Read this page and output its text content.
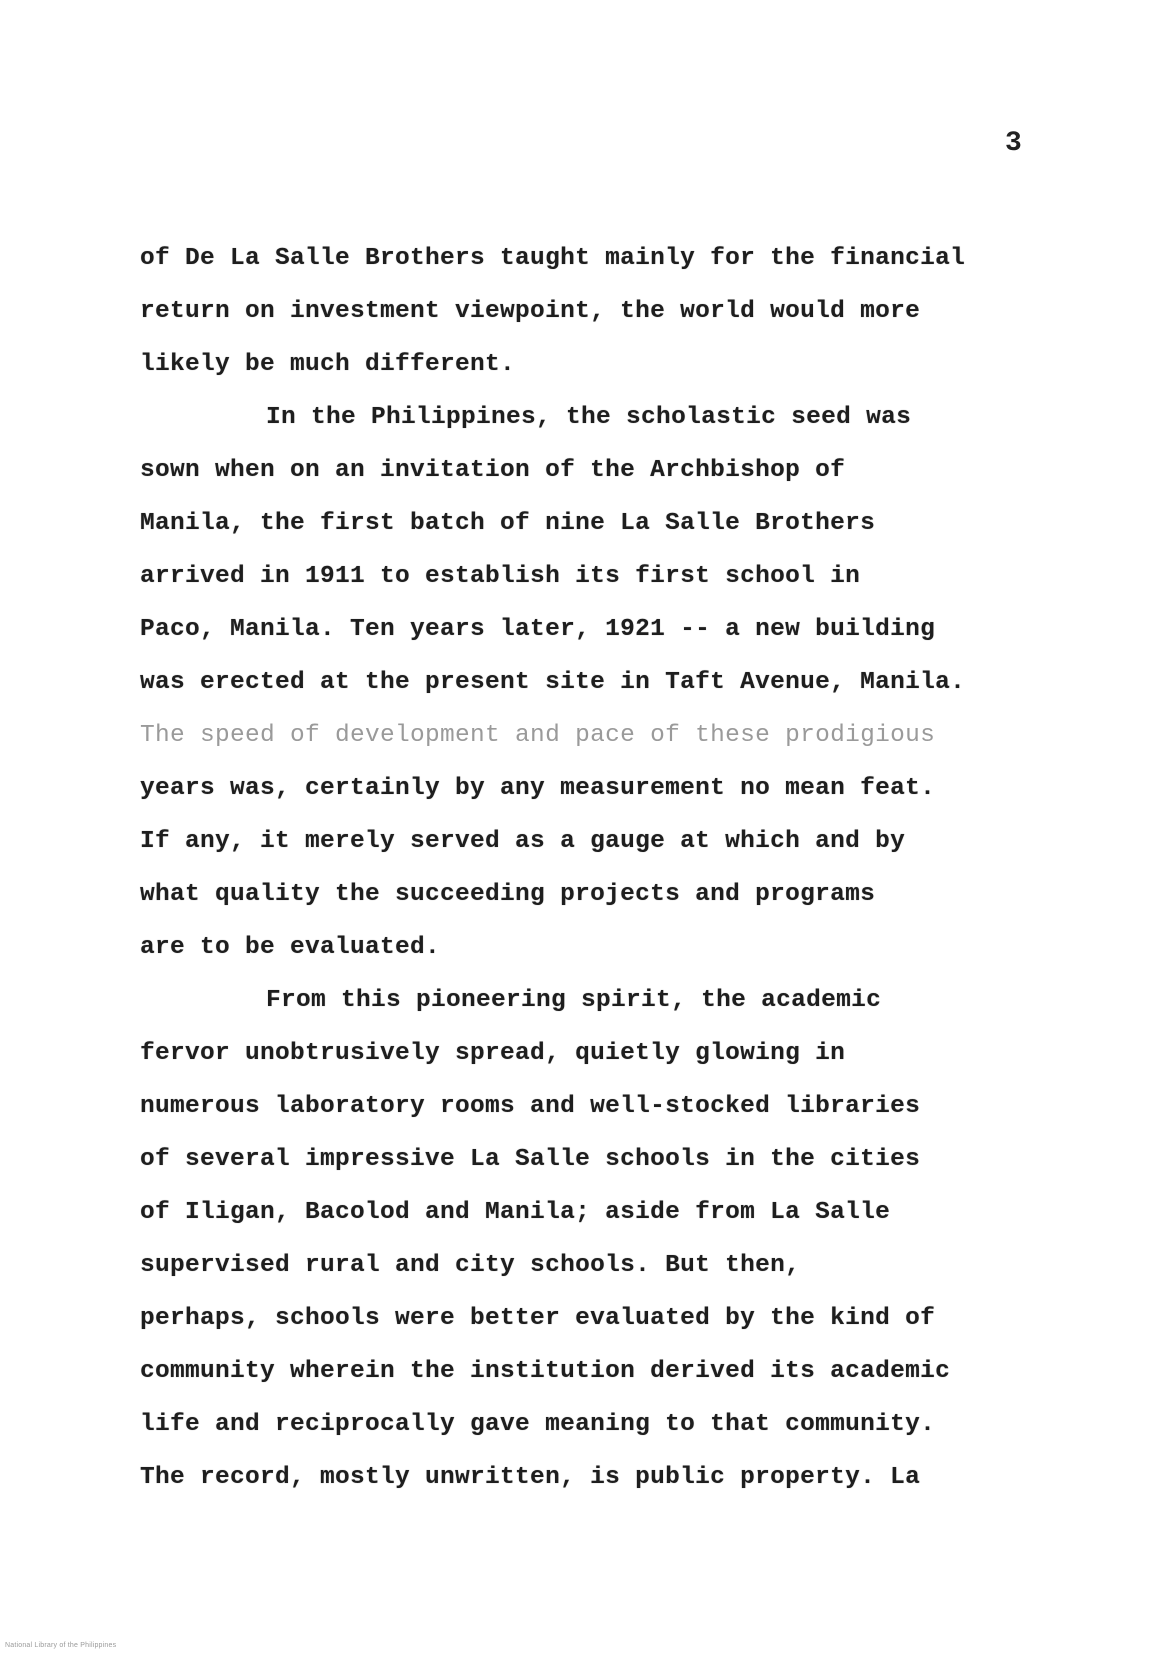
3
of De La Salle Brothers taught mainly for the financial
return on investment viewpoint, the world would more
likely be much different.
In the Philippines, the scholastic seed was
sown when on an invitation of the Archbishop of
Manila, the first batch of nine La Salle Brothers
arrived in 1911 to establish its first school in
Paco, Manila. Ten years later, 1921 -- a new building
was erected at the present site in Taft Avenue, Manila.
The speed of development and pace of these prodigious
years was, certainly by any measurement no mean feat.
If any, it merely served as a gauge at which and by
what quality the succeeding projects and programs
are to be evaluated.
From this pioneering spirit, the academic
fervor unobtrusively spread, quietly glowing in
numerous laboratory rooms and well-stocked libraries
of several impressive La Salle schools in the cities
of Iligan, Bacolod and Manila; aside from La Salle
supervised rural and city schools. But then,
perhaps, schools were better evaluated by the kind of
community wherein the institution derived its academic
life and reciprocally gave meaning to that community.
The record, mostly unwritten, is public property. La
National Library of the Philippines
